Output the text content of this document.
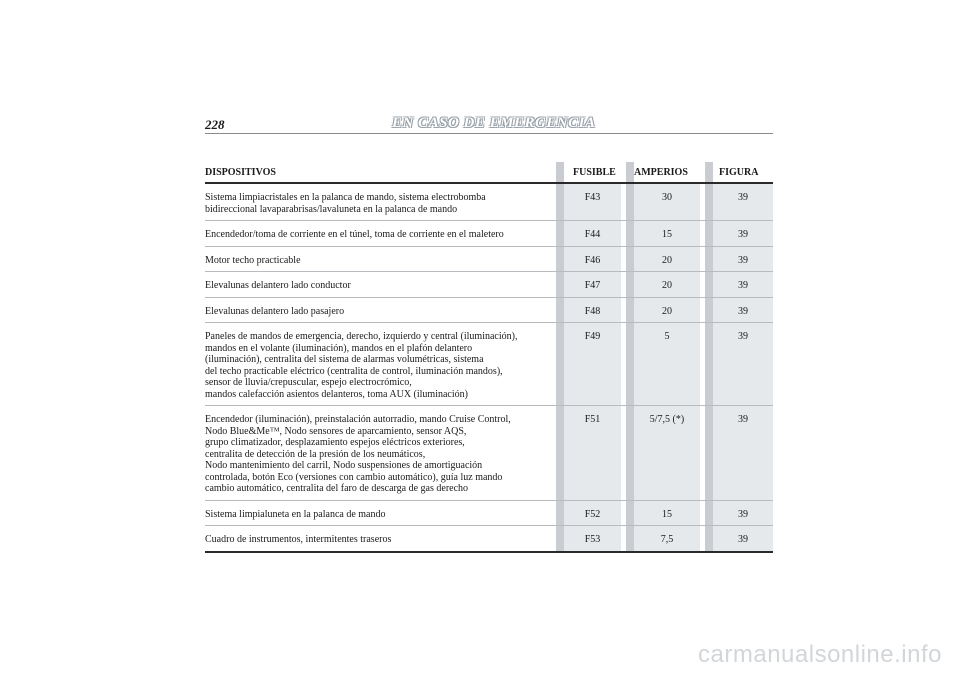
228	EN CASO DE EMERGENCIA
DISPOSITIVOS	FUSIBLE AMPERIOS	FIGURA
Sistema limpiacristales en la palanca de mando, sistema electrobomba
bidireccional lavaparabrisas/lavaluneta en la palanca de mando
F43	30	39
Encendedor/toma de corriente en el túnel, toma de corriente en el maletero	F44	15	39
Motor techo practicable	F46	20	39
Elevalunas delantero lado conductor	F47	20	39
Elevalunas delantero lado pasajero	F48	20	39
Paneles de mandos de emergencia, derecho, izquierdo y central (iluminación),
mandos en el volante (iluminación), mandos en el plafón delantero
(iluminación), centralita del sistema de alarmas volumétricas, sistema
del techo practicable eléctrico (centralita de control, iluminación mandos),
sensor de lluvia/crepuscular, espejo electrocrómico,
mandos calefacción asientos delanteros, toma AUX (iluminación)
F49	5	39
Encendedor (iluminación), preinstalación autorradio, mando Cruise Control,
Nodo Blue&Me™, Nodo sensores de aparcamiento, sensor AQS,
grupo climatizador, desplazamiento espejos eléctricos exteriores,
centralita de detección de la presión de los neumáticos,
Nodo mantenimiento del carril, Nodo suspensiones de amortiguación
controlada, botón Eco (versiones con cambio automático), guía luz mando
cambio automático, centralita del faro de descarga de gas derecho
F51	5/7,5 (*)	39
Sistema limpialuneta en la palanca de mando	F52	15	39
Cuadro de instrumentos, intermitentes traseros	F53	7,5	39
carmanualsonline.info
